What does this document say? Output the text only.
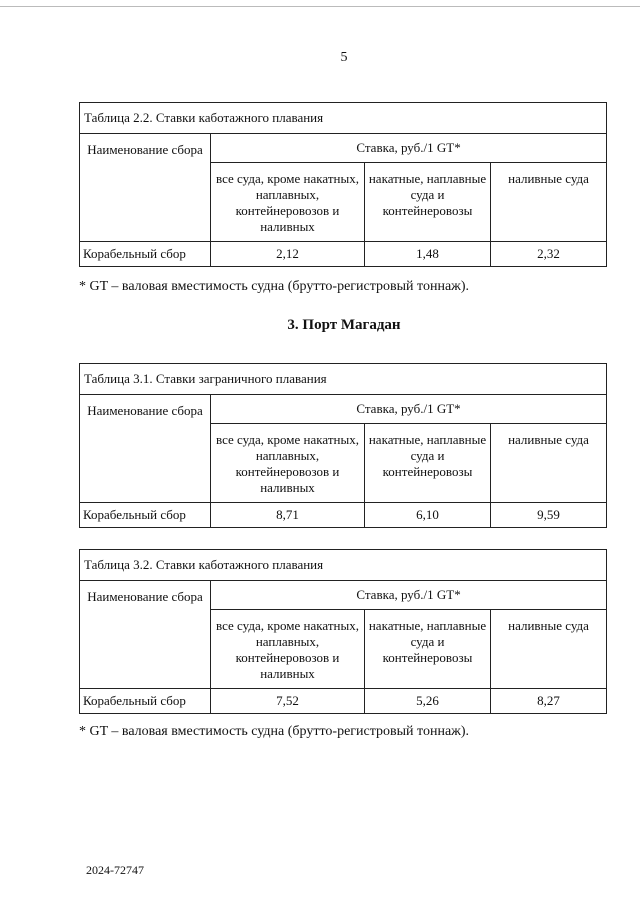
5
Таблица 2.2. Ставки каботажного плавания			
Наименование сбора	Ставка, руб./1 GT*		
	все суда, кроме накатных, наплавных, контейнеровозов и наливных	накатные, наплавные суда и контейнеровозы	наливные суда
Корабельный сбор	2,12	1,48	2,32
* GT – валовая вместимость судна (брутто-регистровый тоннаж).
3. Порт Магадан
Таблица 3.1. Ставки заграничного плавания			
Наименование сбора	Ставка, руб./1 GT*		
	все суда, кроме накатных, наплавных, контейнеровозов и наливных	накатные, наплавные суда и контейнеровозы	наливные суда
Корабельный сбор	8,71	6,10	9,59
Таблица 3.2. Ставки каботажного плавания			
Наименование сбора	Ставка, руб./1 GT*		
	все суда, кроме накатных, наплавных, контейнеровозов и наливных	накатные, наплавные суда и контейнеровозы	наливные суда
Корабельный сбор	7,52	5,26	8,27
* GT – валовая вместимость судна (брутто-регистровый тоннаж).
2024-72747
